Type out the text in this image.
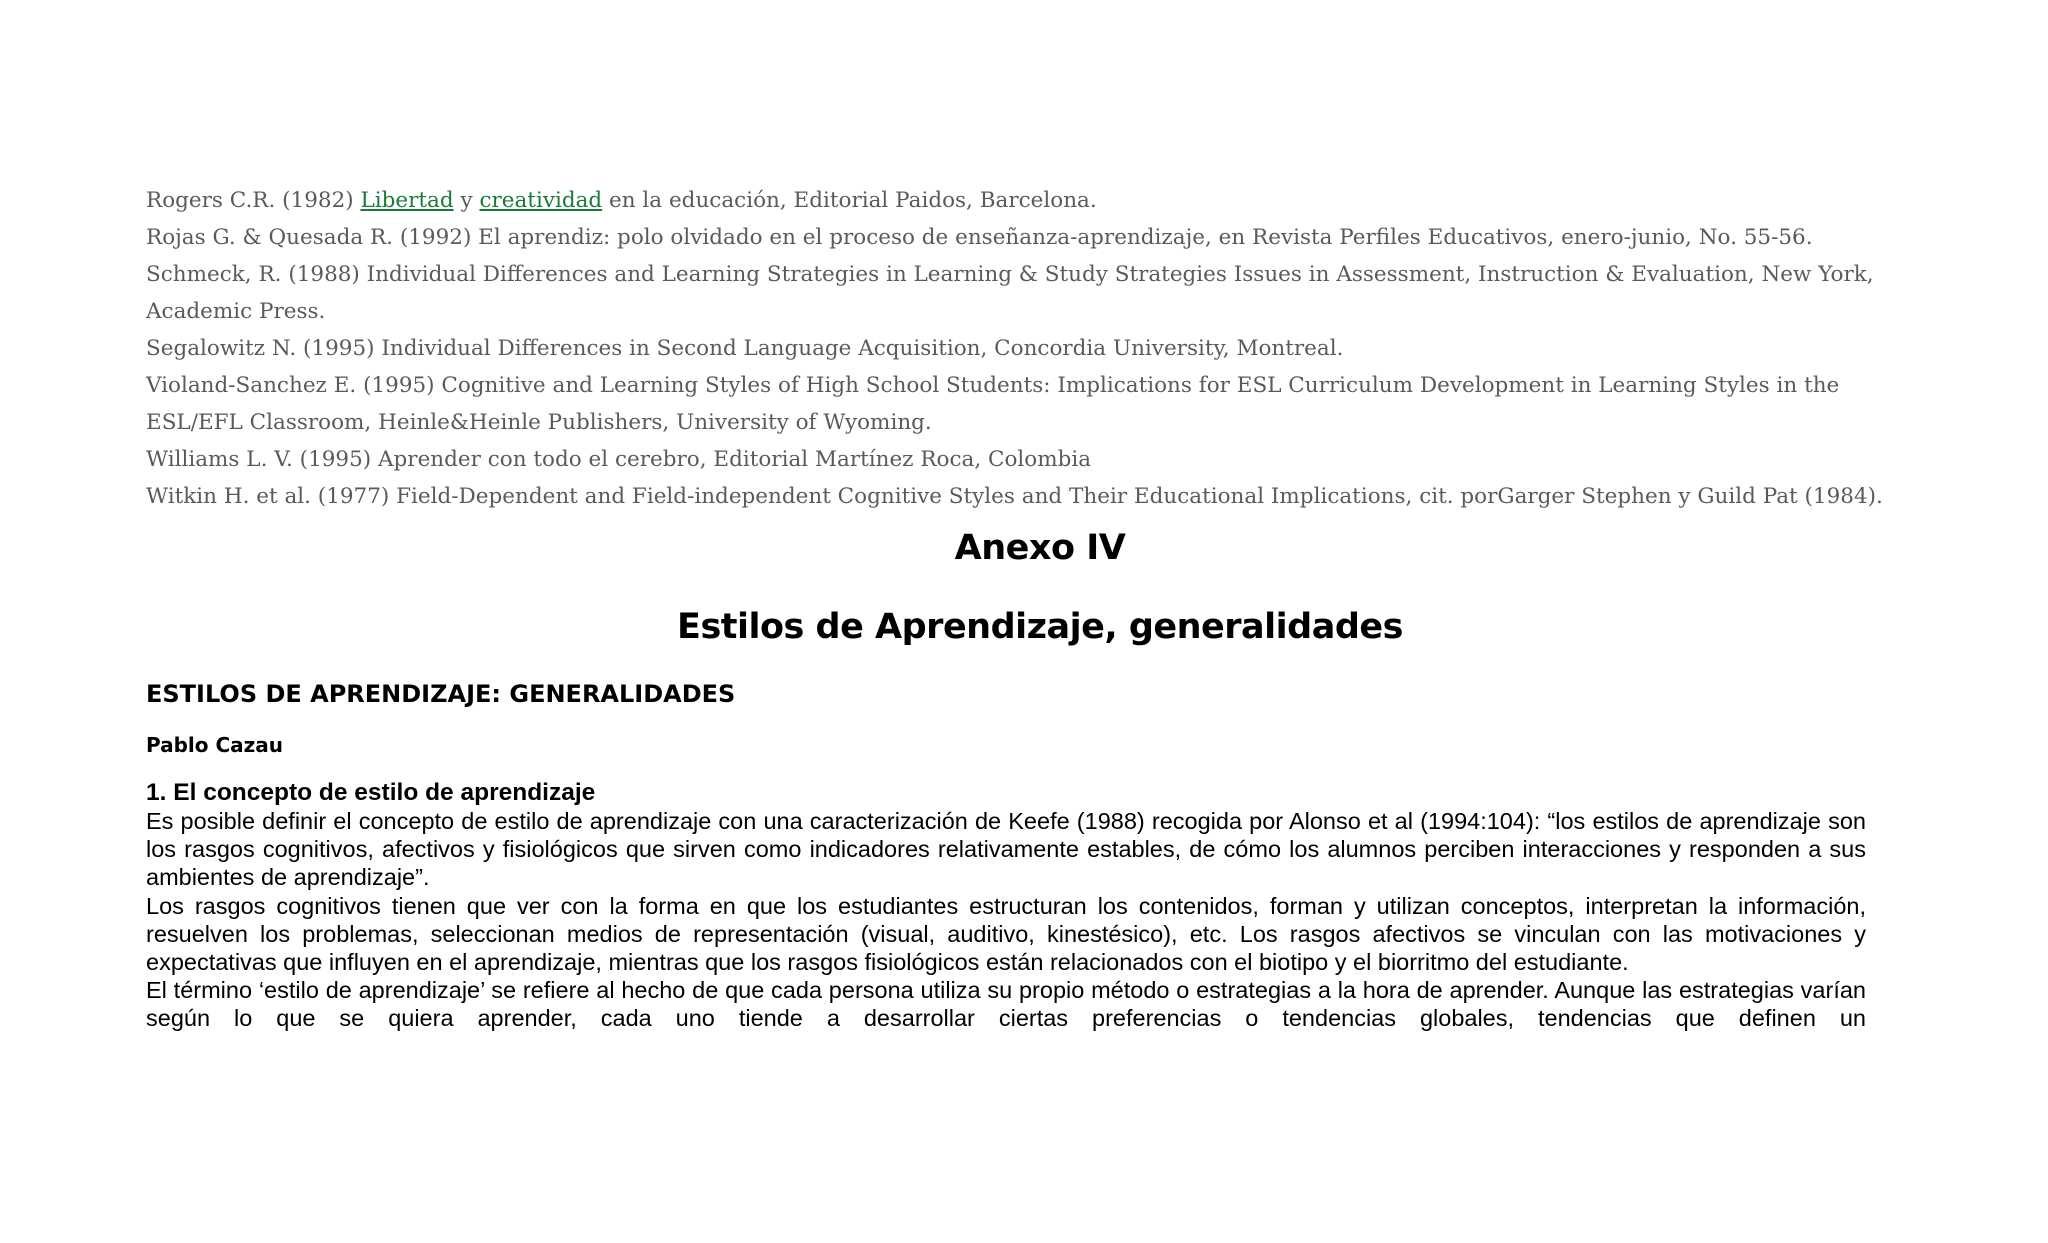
Rogers C.R. (1982) Libertad y creatividad en la educación, Editorial Paidos, Barcelona.

Rojas G. & Quesada R. (1992) El aprendiz: polo olvidado en el proceso de enseñanza-aprendizaje, en Revista Perfiles Educativos, enero-junio, No. 55-56.

Schmeck, R. (1988) Individual Differences and Learning Strategies in Learning & Study Strategies Issues in Assessment, Instruction & Evaluation, New York, Academic Press.

Segalowitz N. (1995) Individual Differences in Second Language Acquisition, Concordia University, Montreal.

Violand-Sanchez E. (1995) Cognitive and Learning Styles of High School Students: Implications for ESL Curriculum Development in Learning Styles in the ESL/EFL Classroom, Heinle&Heinle Publishers, University of Wyoming.

Williams L. V. (1995) Aprender con todo el cerebro, Editorial Martínez Roca, Colombia

Witkin H. et al. (1977) Field-Dependent and Field-independent Cognitive Styles and Their Educational Implications, cit. porGarger Stephen y Guild Pat (1984).

Anexo IV
Estilos de Aprendizaje, generalidades
ESTILOS DE APRENDIZAJE: GENERALIDADES
Pablo Cazau
1. El concepto de estilo de aprendizaje

Es posible definir el concepto de estilo de aprendizaje con una caracterización de Keefe (1988) recogida por Alonso et al (1994:104): “los estilos de aprendizaje son los rasgos cognitivos, afectivos y fisiológicos que sirven como indicadores relativamente estables, de cómo los alumnos perciben interacciones y responden a sus ambientes de aprendizaje”.

Los rasgos cognitivos tienen que ver con la forma en que los estudiantes estructuran los contenidos, forman y utilizan conceptos, interpretan la información, resuelven los problemas, seleccionan medios de representación (visual, auditivo, kinestésico), etc. Los rasgos afectivos se vinculan con las motivaciones y expectativas que influyen en el aprendizaje, mientras que los rasgos fisiológicos están relacionados con el biotipo y el biorritmo del estudiante.

El término ‘estilo de aprendizaje’ se refiere al hecho de que cada persona utiliza su propio método o estrategias a la hora de aprender. Aunque las estrategias varían según lo que se quiera aprender, cada uno tiende a desarrollar ciertas preferencias o tendencias globales, tendencias que definen un
